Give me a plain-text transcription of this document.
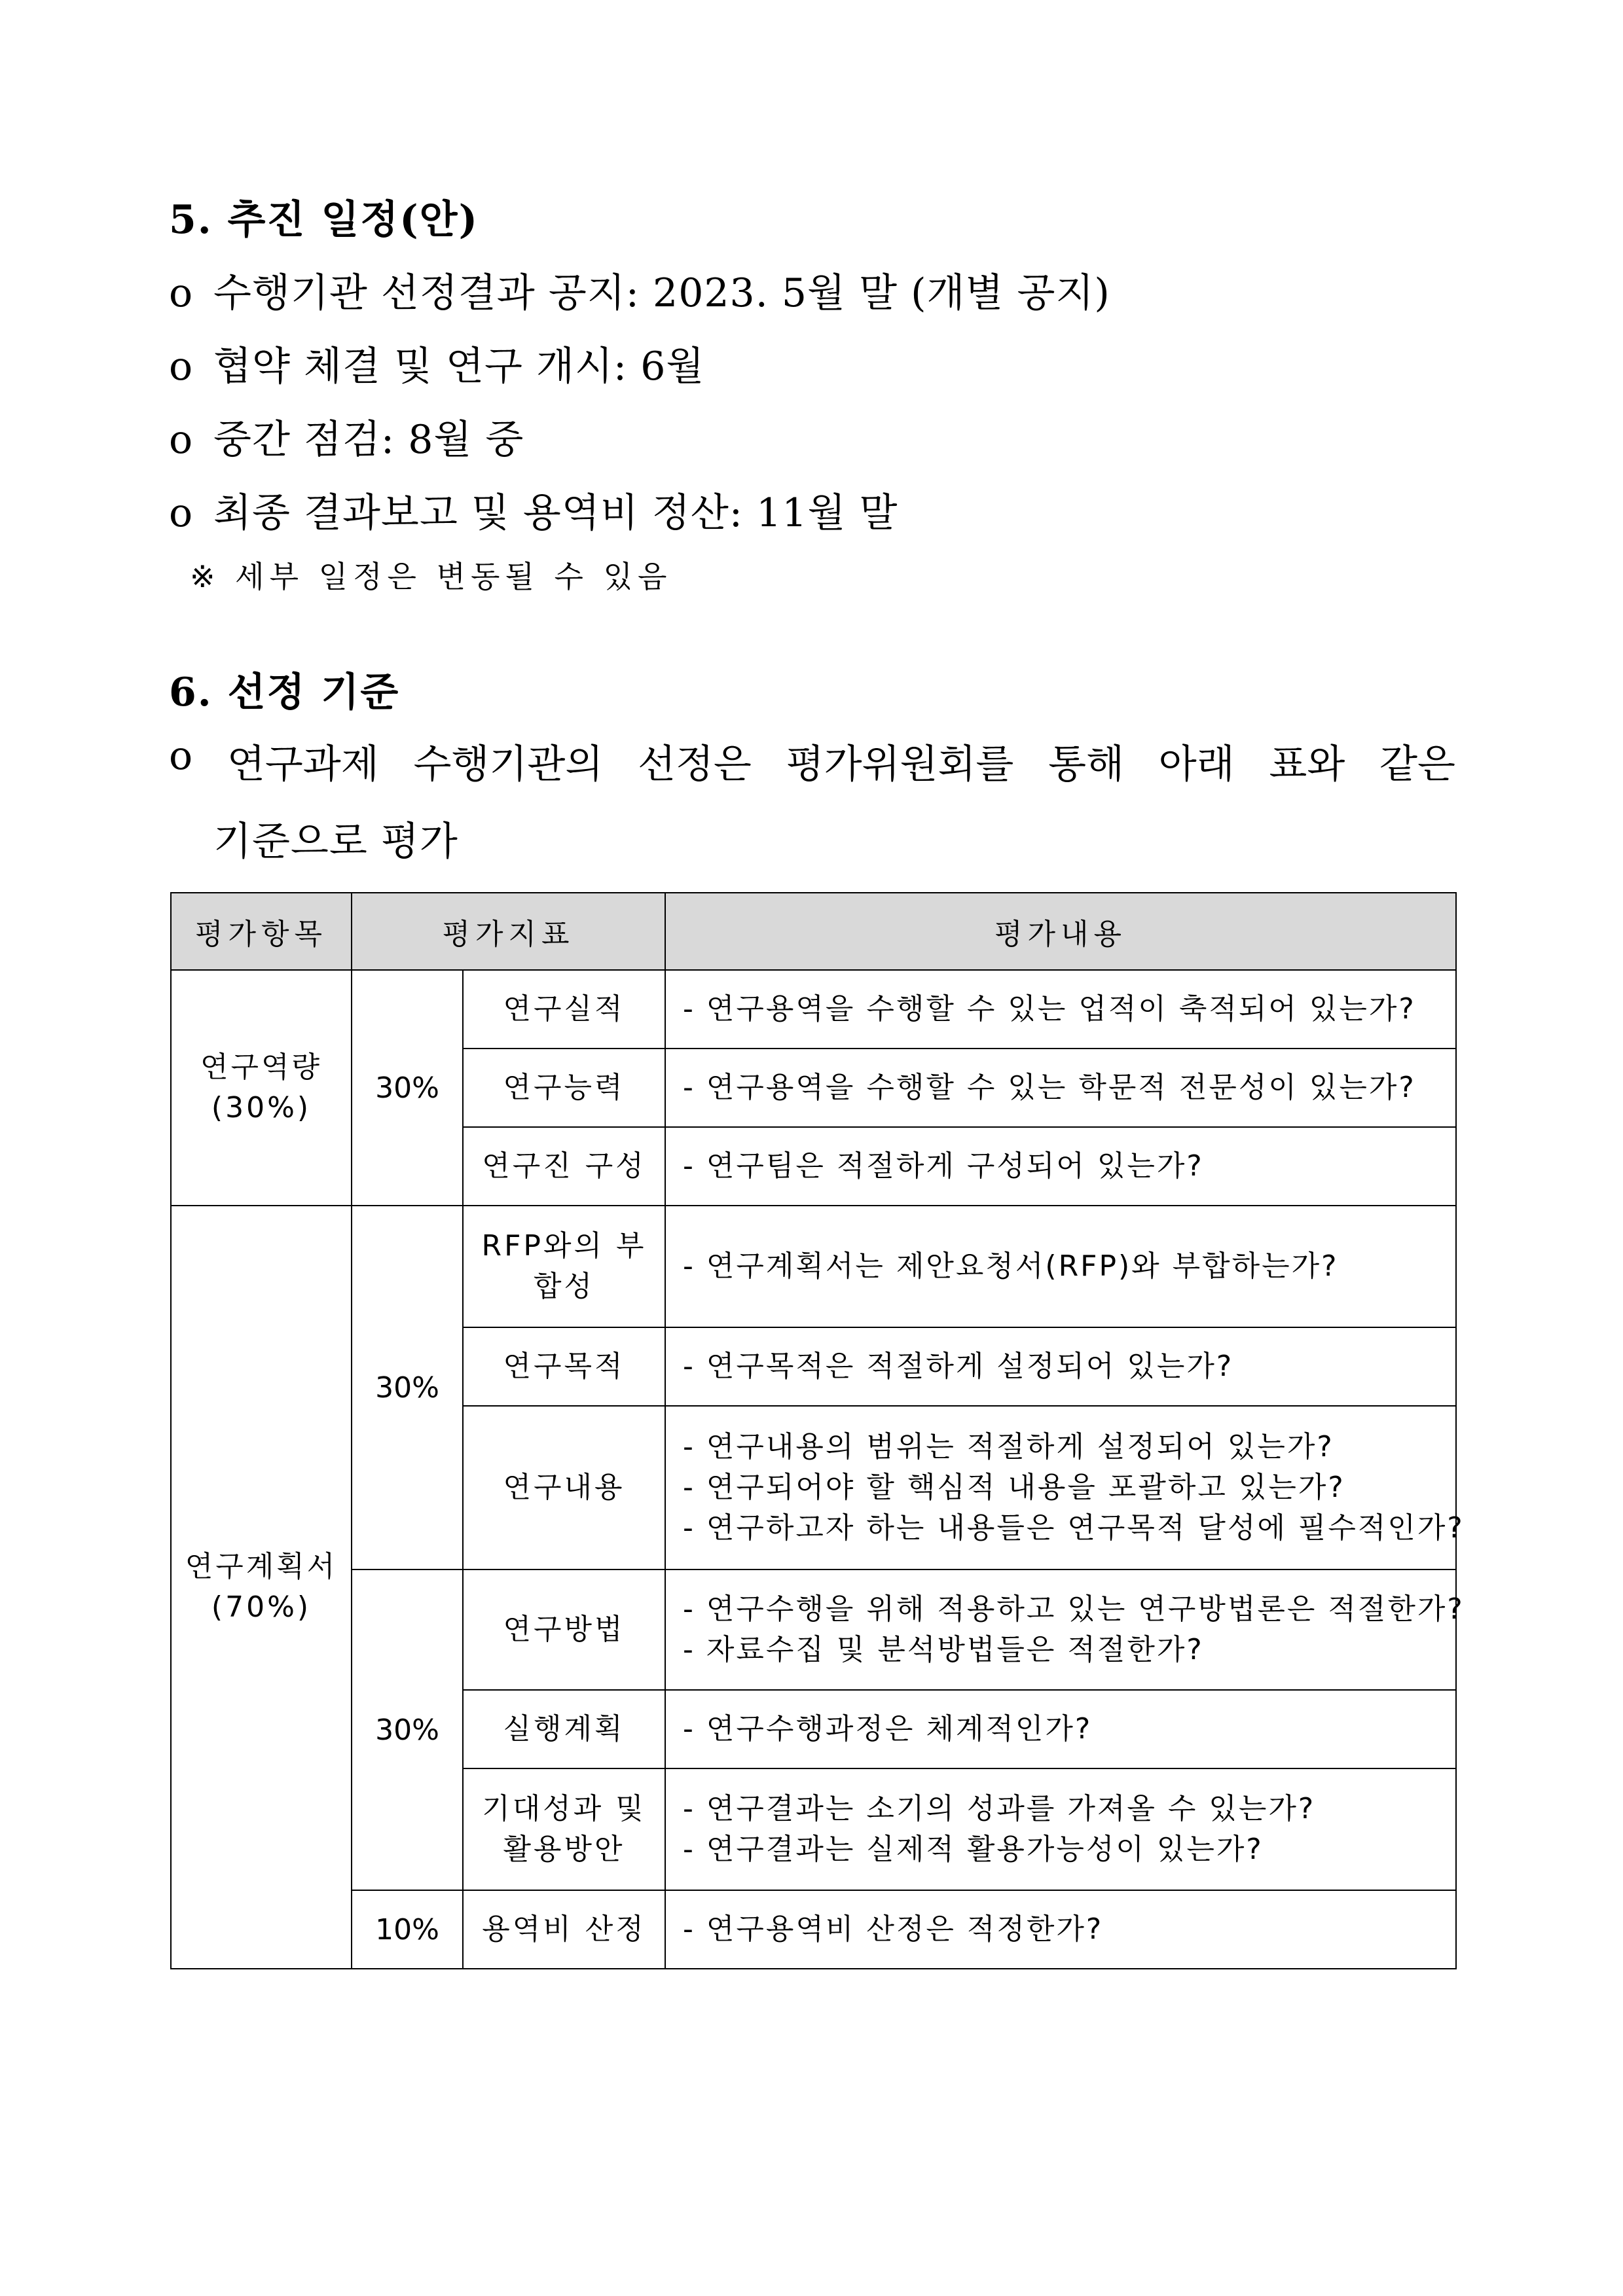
5. 추진 일정(안)
o 수행기관 선정결과 공지: 2023. 5월 말 (개별 공지)
o 협약 체결 및 연구 개시: 6월
o 중간 점검: 8월 중
o 최종 결과보고 및 용역비 정산: 11월 말
※ 세부 일정은 변동될 수 있음
6. 선정 기준
o 연구과제 수행기관의 선정은 평가위원회를 통해 아래 표와 같은
기준으로 평가
평가항목	평가지표		평가내용

연구역량
(30%)	30%	연구실적	- 연구용역을 수행할 수 있는 업적이 축적되어 있는가?

		연구능력	- 연구용역을 수행할 수 있는 학문적 전문성이 있는가?

		연구진 구성	- 연구팀은 적절하게 구성되어 있는가?

연구계획서
(70%)	30%	RFP와의 부합성	- 연구계획서는 제안요청서(RFP)와 부합하는가?

		연구목적	- 연구목적은 적절하게 설정되어 있는가?

		연구내용	- 연구내용의 범위는 적절하게 설정되어 있는가?
- 연구되어야 할 핵심적 내용을 포괄하고 있는가?
- 연구하고자 하는 내용들은 연구목적 달성에 필수적인가?

	30%	연구방법	- 연구수행을 위해 적용하고 있는 연구방법론은 적절한가?
- 자료수집 및 분석방법들은 적절한가?

		실행계획	- 연구수행과정은 체계적인가?

		기대성과 및 활용방안	- 연구결과는 소기의 성과를 가져올 수 있는가?
- 연구결과는 실제적 활용가능성이 있는가?

	10%	용역비 산정	- 연구용역비 산정은 적정한가?
